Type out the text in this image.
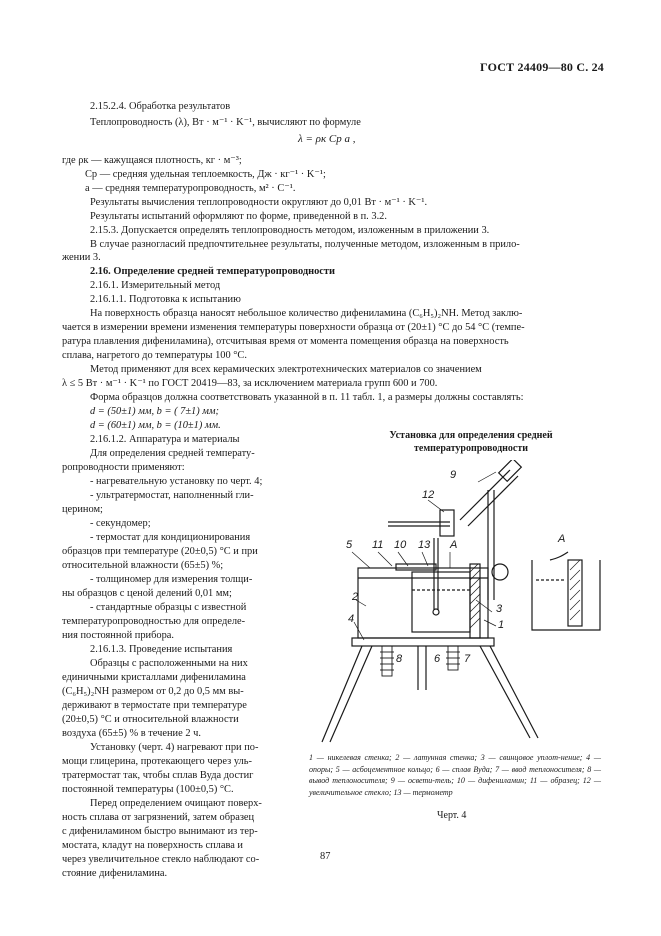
ГОСТ 24409—80 С. 24
2.15.2.4. Обработка результатов
Теплопроводность (λ), Вт · м⁻¹ · K⁻¹, вычисляют по формуле
λ = ρк Cр a ,
где ρк — кажущаяся плотность, кг · м⁻³;
Cр — средняя удельная теплоемкость, Дж · кг⁻¹ · K⁻¹;
a — средняя температуропроводность, м² · С⁻¹.
Результаты вычисления теплопроводности округляют до 0,01 Вт · м⁻¹ · K⁻¹.
Результаты испытаний оформляют по форме, приведенной в п. 3.2.
2.15.3. Допускается определять теплопроводность методом, изложенным в приложении 3.
В случае разногласий предпочтительнее результаты, полученные методом, изложенным в прило-
жении 3.
2.16. Определение средней температуропроводности
2.16.1. Измерительный метод
2.16.1.1. Подготовка к испытанию
На поверхность образца наносят небольшое количество дифениламина (C₆H₅)₂NH. Метод заклю-
чается в измерении времени изменения температуры поверхности образца от (20±1) °С до 54 °С (темпе-
ратура плавления дифениламина), отсчитывая время от момента помещения образца на поверхность
сплава, нагретого до температуры 100 °С.
Метод применяют для всех керамических электротехнических материалов со значением
λ ≤ 5 Вт · м⁻¹ · K⁻¹ по ГОСТ 20419—83, за исключением материала групп 600 и 700.
Форма образцов должна соответствовать указанной в п. 11 табл. 1, а размеры должны составлять:
d = (50±1) мм, b = ( 7±1) мм;
d = (60±1) мм, b = (10±1) мм.
2.16.1.2. Аппаратура и материалы
Для определения средней температу-
ропроводности применяют:
- нагревательную установку по черт. 4;
- ультратермостат, наполненный гли-
церином;
- секундомер;
- термостат для кондиционирования
образцов при температуре (20±0,5) °С и при
относительной влажности (65±5) %;
- толщиномер для измерения толщи-
ны образцов с ценой делений 0,01 мм;
- стандартные образцы с известной
температуропроводностью для определе-
ния постоянной прибора.
2.16.1.3. Проведение испытания
Образцы с расположенными на них
единичными кристаллами дифениламина
(C₆H₅)₂NH размером от 0,2 до 0,5 мм вы-
держивают в термостате при температуре
(20±0,5) °С и относительной влажности
воздуха (65±5) % в течение 2 ч.
Установку (черт. 4) нагревают при по-
мощи глицерина, протекающего через уль-
тратермостат так, чтобы сплав Вуда достиг
постоянной температуры (100±0,5) °С.
Перед определением очищают поверх-
ность сплава от загрязнений, затем образец
с дифениламином быстро вынимают из тер-
мостата, кладут на поверхность сплава и
через увеличительное стекло наблюдают со-
стояние дифениламина.
Установка для определения средней
температуропроводности
5 11 10 13 A
12
9
2
4
3
1
8	6 7
A
1 — никелевая стенка; 2 — латунная стенка; 3 — свинцовое уплот-нение; 4 — опоры; 5 — асбоцементное кольцо; 6 — сплав Вуда; 7 — ввод теплоносителя; 8 — вывод теплоносителя; 9 — освети-тель; 10 — дифениламин; 11 — образец; 12 — увеличительное стекло; 13 — термометр
Черт. 4
87
